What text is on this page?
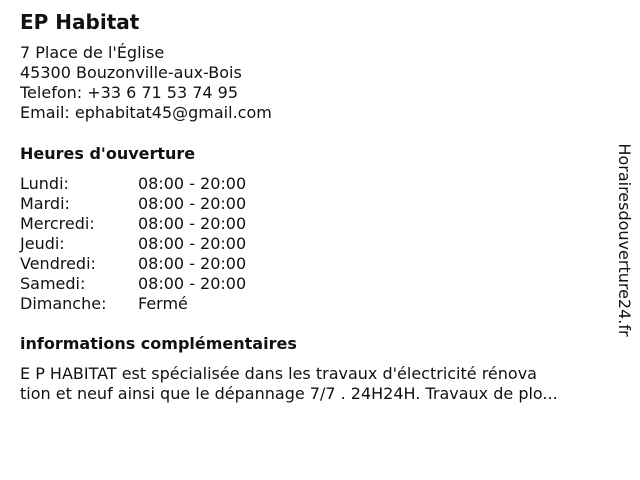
EP Habitat
7 Place de l'Église
45300 Bouzonville-aux-Bois
Telefon: +33 6 71 53 74 95
Email: ephabitat45@gmail.com
Heures d'ouverture
Lundi:	08:00 - 20:00
Mardi:	08:00 - 20:00
Mercredi:	08:00 - 20:00
Jeudi:	08:00 - 20:00
Vendredi:	08:00 - 20:00
Samedi:	08:00 - 20:00
Dimanche:	Fermé
informations complémentaires
E P HABITAT est spécialisée dans les travaux d'électricité rénova
tion et neuf ainsi que le dépannage 7/7 . 24H24H. Travaux de plo...
Horairesdouverture24.fr
